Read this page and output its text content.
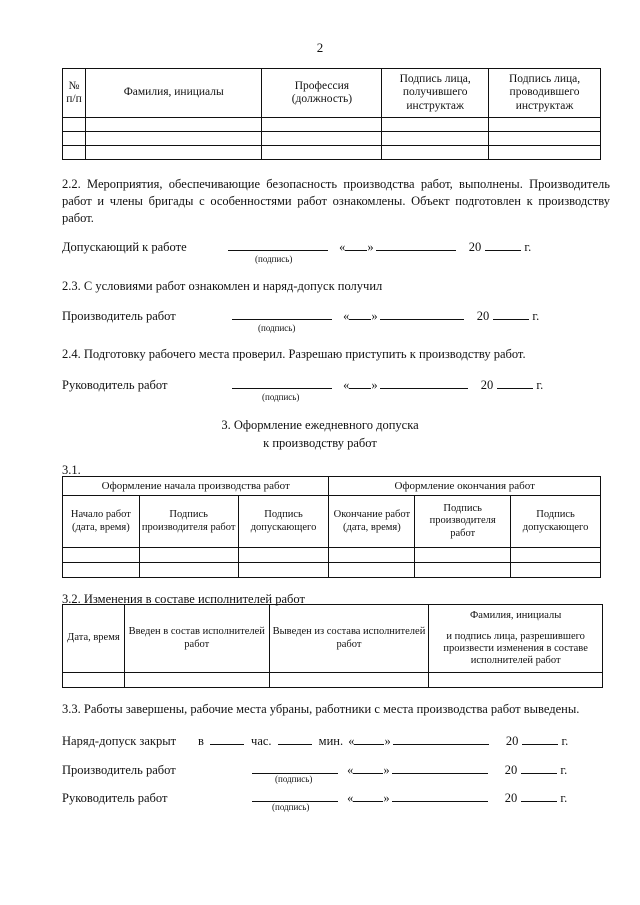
2
№ п/п	Фамилия, инициалы	Профессия (должность)	Подпись лица, получившего инструктаж	Подпись лица, проводившего инструктаж

2.2. Мероприятия, обеспечивающие безопасность производства работ, выполнены. Производитель работ и члены бригады с особенностями работ ознакомлены. Объект подготовлен к производству работ.

Допускающий к работе	« »	20	г.
(подпись)

2.3. С условиями работ ознакомлен и наряд-допуск получил

Производитель работ	« »	20	г.
(подпись)

2.4. Подготовку рабочего места проверил. Разрешаю приступить к производству работ.

Руководитель работ	« »	20	г.
(подпись)
3. Оформление ежедневного допуска
к производству работ
3.1.
Оформление начала производства работ			Оформление окончания работ		
Начало работ (дата, время)	Подпись производителя работ	Подпись допускающего	Окончание работ (дата, время)	Подпись производителя работ	Подпись допускающего

3.2. Изменения в составе исполнителей работ
Дата, время	Введен в состав исполнителей работ	Выведен из состава исполнителей работ	Фамилия, инициалы
и подпись лица, разрешившего произвести изменения в составе исполнителей работ

3.3. Работы завершены, рабочие места убраны, работники с места производства работ выведены.

Наряд-допуск закрыт в	час.	мин. « »	20	г.
Производитель работ	« »	20	г.
(подпись)
Руководитель работ	« »	20	г.
(подпись)
